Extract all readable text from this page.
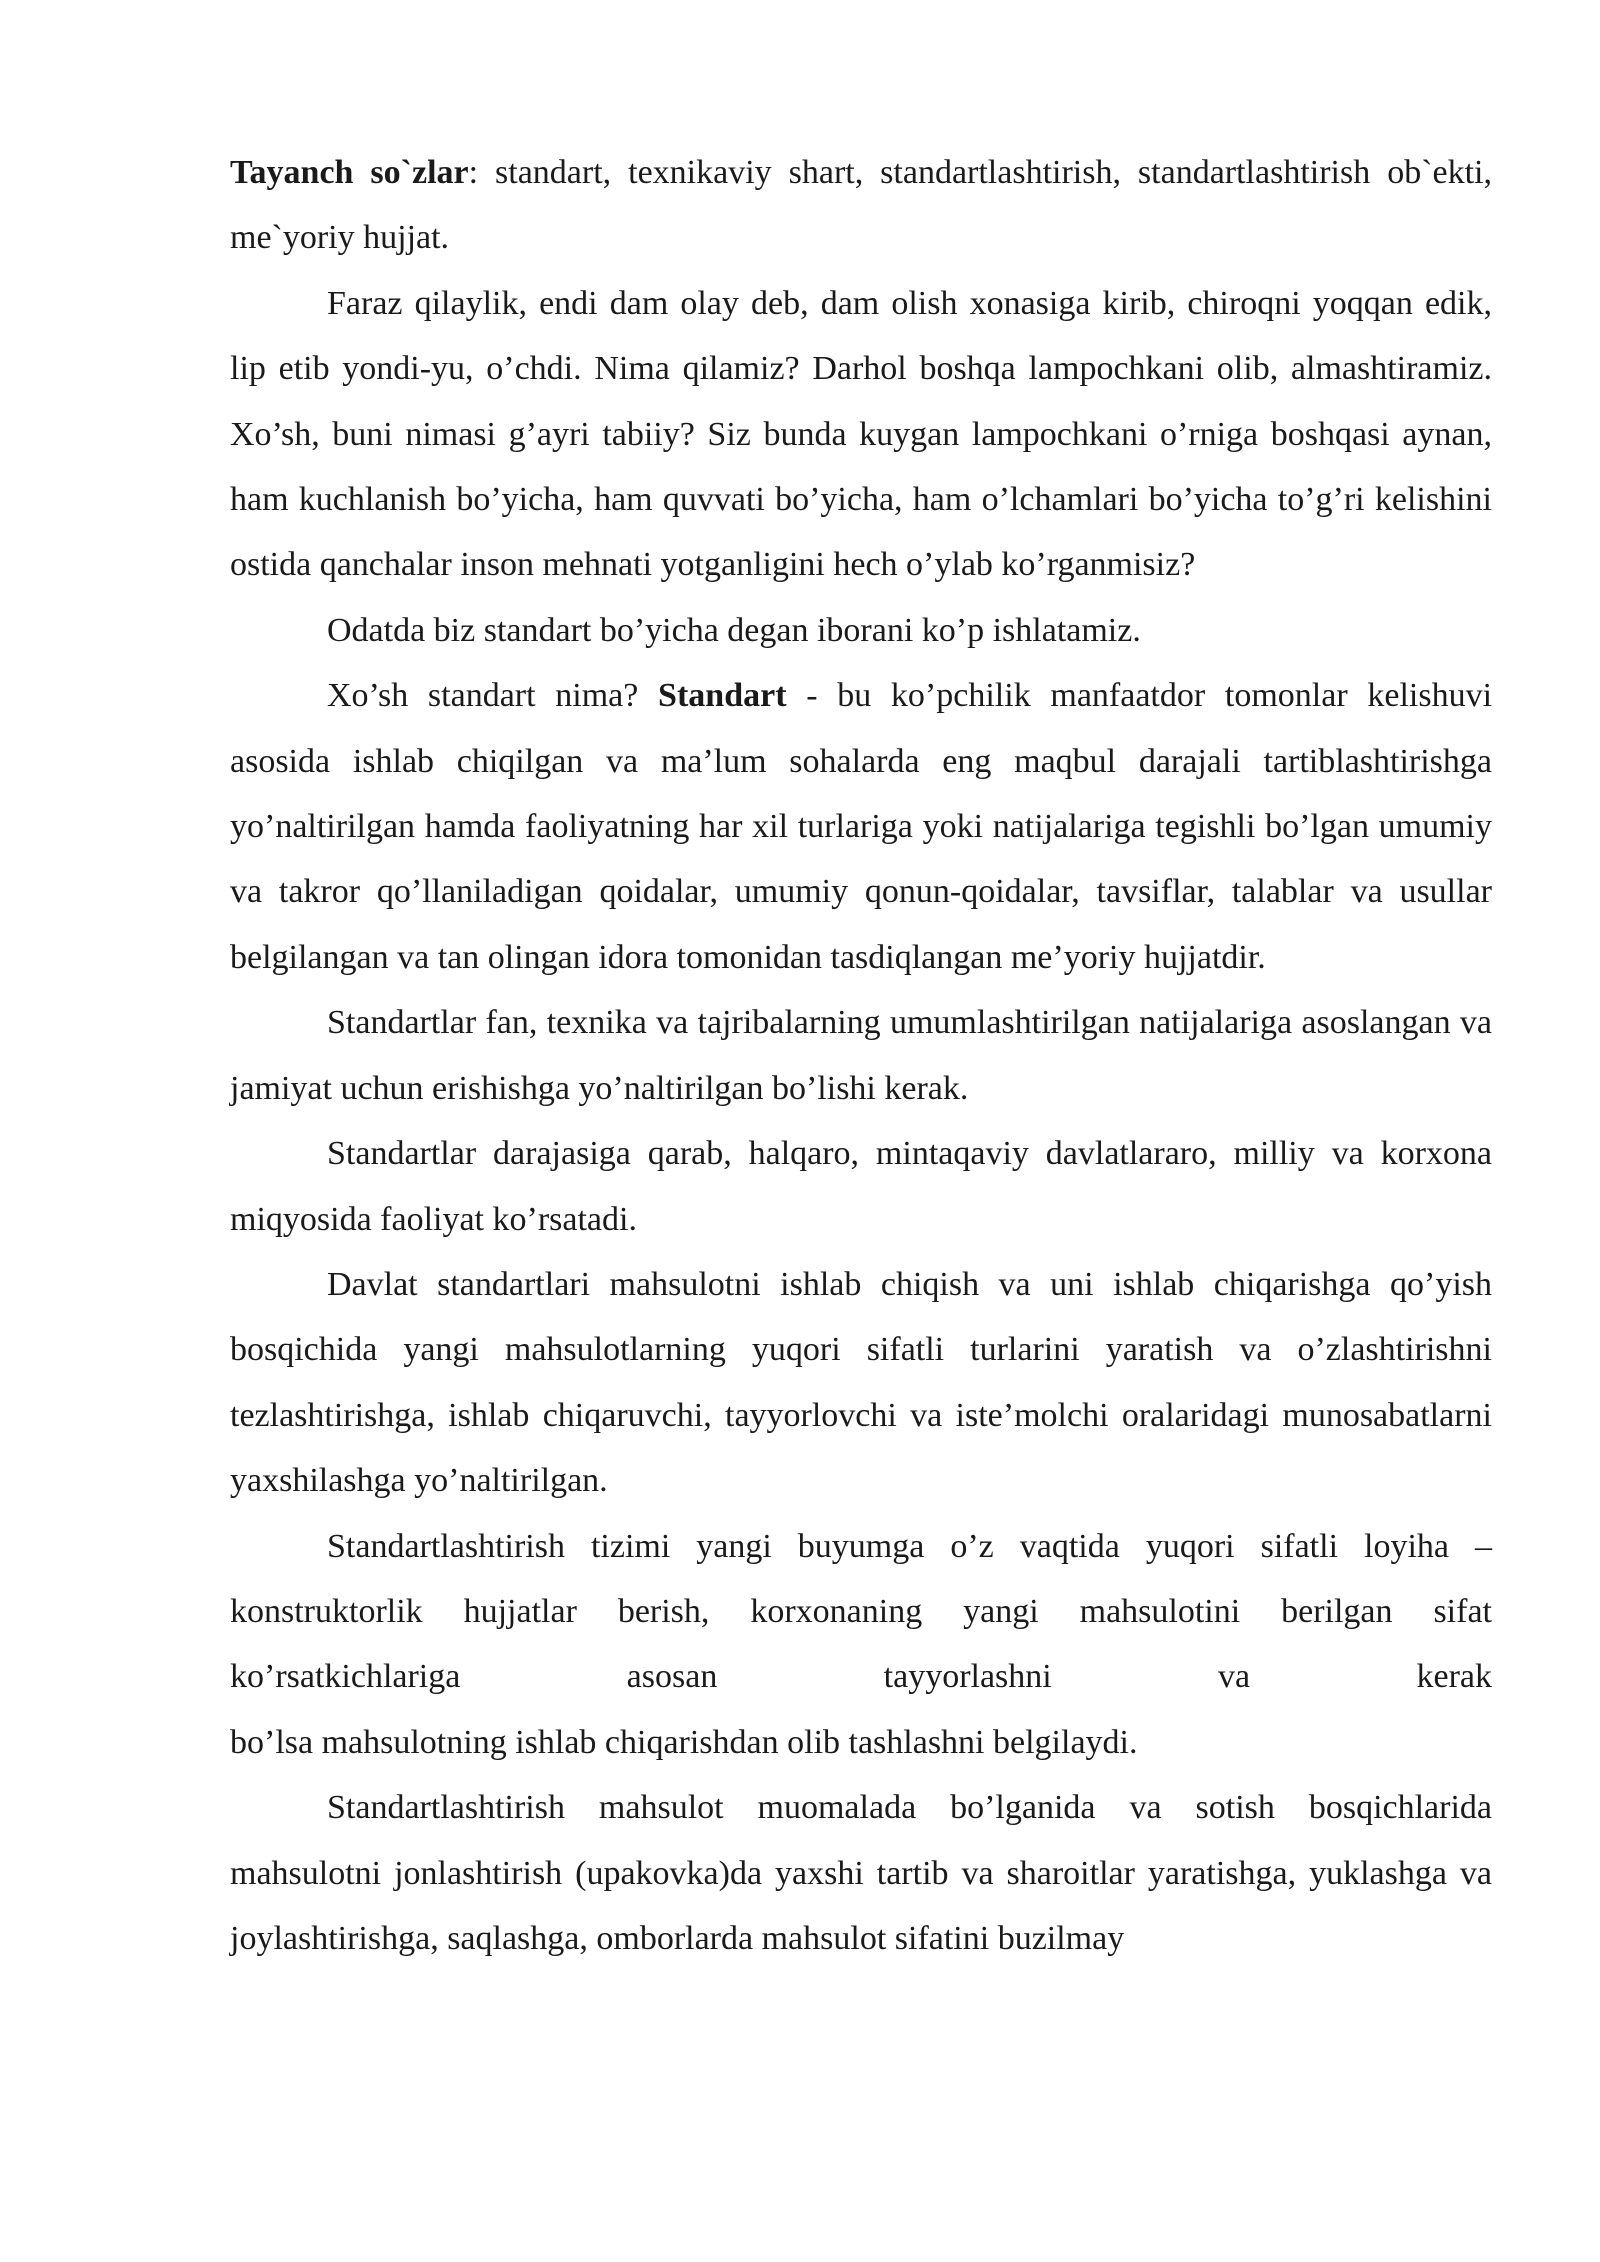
Tayanch so`zlar: standart, texnikaviy shart, standartlashtirish, standartlashtirish ob`ekti, me`yoriy hujjat.

Faraz qilaylik, endi dam olay deb, dam olish xonasiga kirib, chiroqni yoqqan edik, lip etib yondi-yu, o’chdi. Nima qilamiz? Darhol boshqa lampochkani olib, almashtiramiz. Xo’sh, buni nimasi g’ayri tabiiy? Siz bunda kuygan lampochkani o’rniga boshqasi aynan, ham kuchlanish bo’yicha, ham quvvati bo’yicha, ham o’lchamlari bo’yicha to’g’ri kelishini ostida qanchalar inson mehnati yotganligini hech o’ylab ko’rganmisiz?

Odatda biz standart bo’yicha degan iborani ko’p ishlatamiz.

Xo’sh standart nima? Standart - bu ko’pchilik manfaatdor tomonlar kelishuvi asosida ishlab chiqilgan va ma’lum sohalarda eng maqbul darajali tartiblashtirishga yo’naltirilgan hamda faoliyatning har xil turlariga yoki natijalariga tegishli bo’lgan umumiy va takror qo’llaniladigan qoidalar, umumiy qonun-qoidalar, tavsiflar, talablar va usullar belgilangan va tan olingan idora tomonidan tasdiqlangan me’yoriy hujjatdir.

Standartlar fan, texnika va tajribalarning umumlashtirilgan natijalariga asoslangan va jamiyat uchun erishishga yo’naltirilgan bo’lishi kerak.

Standartlar darajasiga qarab, halqaro, mintaqaviy davlatlararo, milliy va korxona miqyosida faoliyat ko’rsatadi.

Davlat standartlari mahsulotni ishlab chiqish va uni ishlab chiqarishga qo’yish bosqichida yangi mahsulotlarning yuqori sifatli turlarini yaratish va o’zlashtirishni tezlashtirishga, ishlab chiqaruvchi, tayyorlovchi va iste’molchi oralaridagi munosabatlarni yaxshilashga yo’naltirilgan.

Standartlashtirish tizimi yangi buyumga o’z vaqtida yuqori sifatli loyiha – konstruktorlik hujjatlar berish, korxonaning yangi mahsulotini berilgan sifat ko’rsatkichlariga asosan tayyorlashni va kerak

bo’lsa mahsulotning ishlab chiqarishdan olib tashlashni belgilaydi.

Standartlashtirish mahsulot muomalada bo’lganida va sotish bosqichlarida mahsulotni jonlashtirish (upakovka)da yaxshi tartib va sharoitlar yaratishga, yuklashga va joylashtirishga, saqlashga, omborlarda mahsulot sifatini buzilmay
